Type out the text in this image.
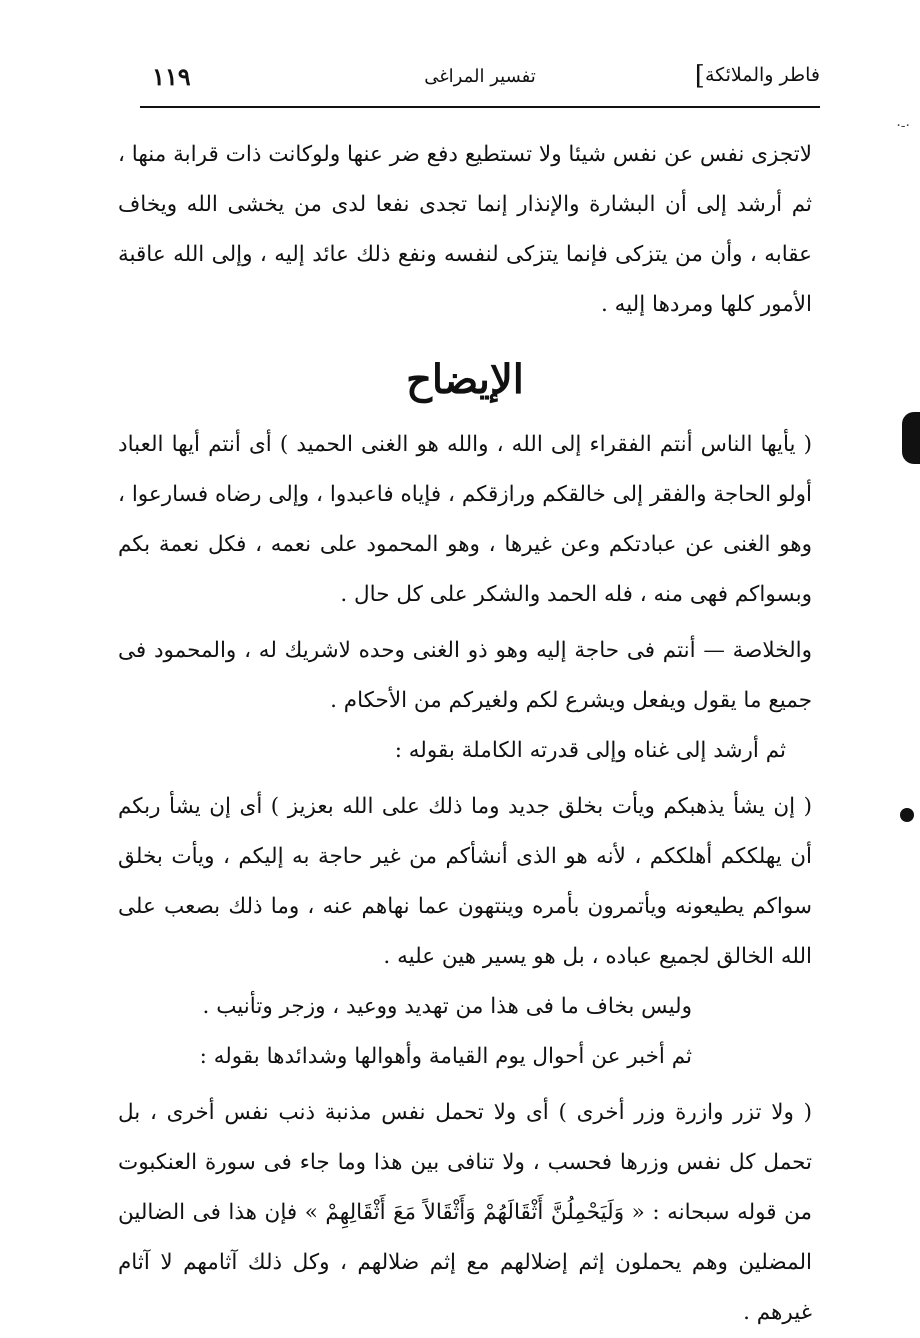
فاطر والملائكة]
تفسير المراغى
١١٩
·-·

لاتجزى نفس عن نفس شيئا ولا تستطيع دفع ضر عنها ولوكانت ذات قرابة منها ، ثم أرشد إلى أن البشارة والإنذار إنما تجدى نفعا لدى من يخشى الله ويخاف عقابه ، وأن من يتزكى فإنما يتزكى لنفسه ونفع ذلك عائد إليه ، وإلى الله عاقبة الأمور كلها ومردها إليه .

الإيضاح

( يأيها الناس أنتم الفقراء إلى الله ، والله هو الغنى الحميد ) أى أنتم أيها العباد أولو الحاجة والفقر إلى خالقكم ورازقكم ، فإياه فاعبدوا ، وإلى رضاه فسارعوا ، وهو الغنى عن عبادتكم وعن غيرها ، وهو المحمود على نعمه ، فكل نعمة بكم وبسواكم فهى منه ، فله الحمد والشكر على كل حال .

والخلاصة — أنتم فى حاجة إليه وهو ذو الغنى وحده لاشريك له ، والمحمود فى جميع ما يقول ويفعل ويشرع لكم ولغيركم من الأحكام .

ثم أرشد إلى غناه وإلى قدرته الكاملة بقوله :

( إن يشأ يذهبكم ويأت بخلق جديد وما ذلك على الله بعزيز ) أى إن يشأ ربكم أن يهلككم أهلككم ، لأنه هو الذى أنشأكم من غير حاجة به إليكم ، ويأت بخلق سواكم يطيعونه ويأتمرون بأمره وينتهون عما نهاهم عنه ، وما ذلك بصعب على الله الخالق لجميع عباده ، بل هو يسير هين عليه .

وليس بخاف ما فى هذا من تهديد ووعيد ، وزجر وتأنيب .

ثم أخبر عن أحوال يوم القيامة وأهوالها وشدائدها بقوله :

( ولا تزر وازرة وزر أخرى ) أى ولا تحمل نفس مذنبة ذنب نفس أخرى ، بل تحمل كل نفس وزرها فحسب ، ولا تنافى بين هذا وما جاء فى سورة العنكبوت من قوله سبحانه : « وَلَيَحْمِلُنَّ أَثْقَالَهُمْ وَأَثْقَالاً مَعَ أَثْقَالِهِمْ » فإن هذا فى الضالين المضلين وهم يحملون إثم إضلالهم مع إثم ضلالهم ، وكل ذلك آثامهم لا آثام غيرهم .
